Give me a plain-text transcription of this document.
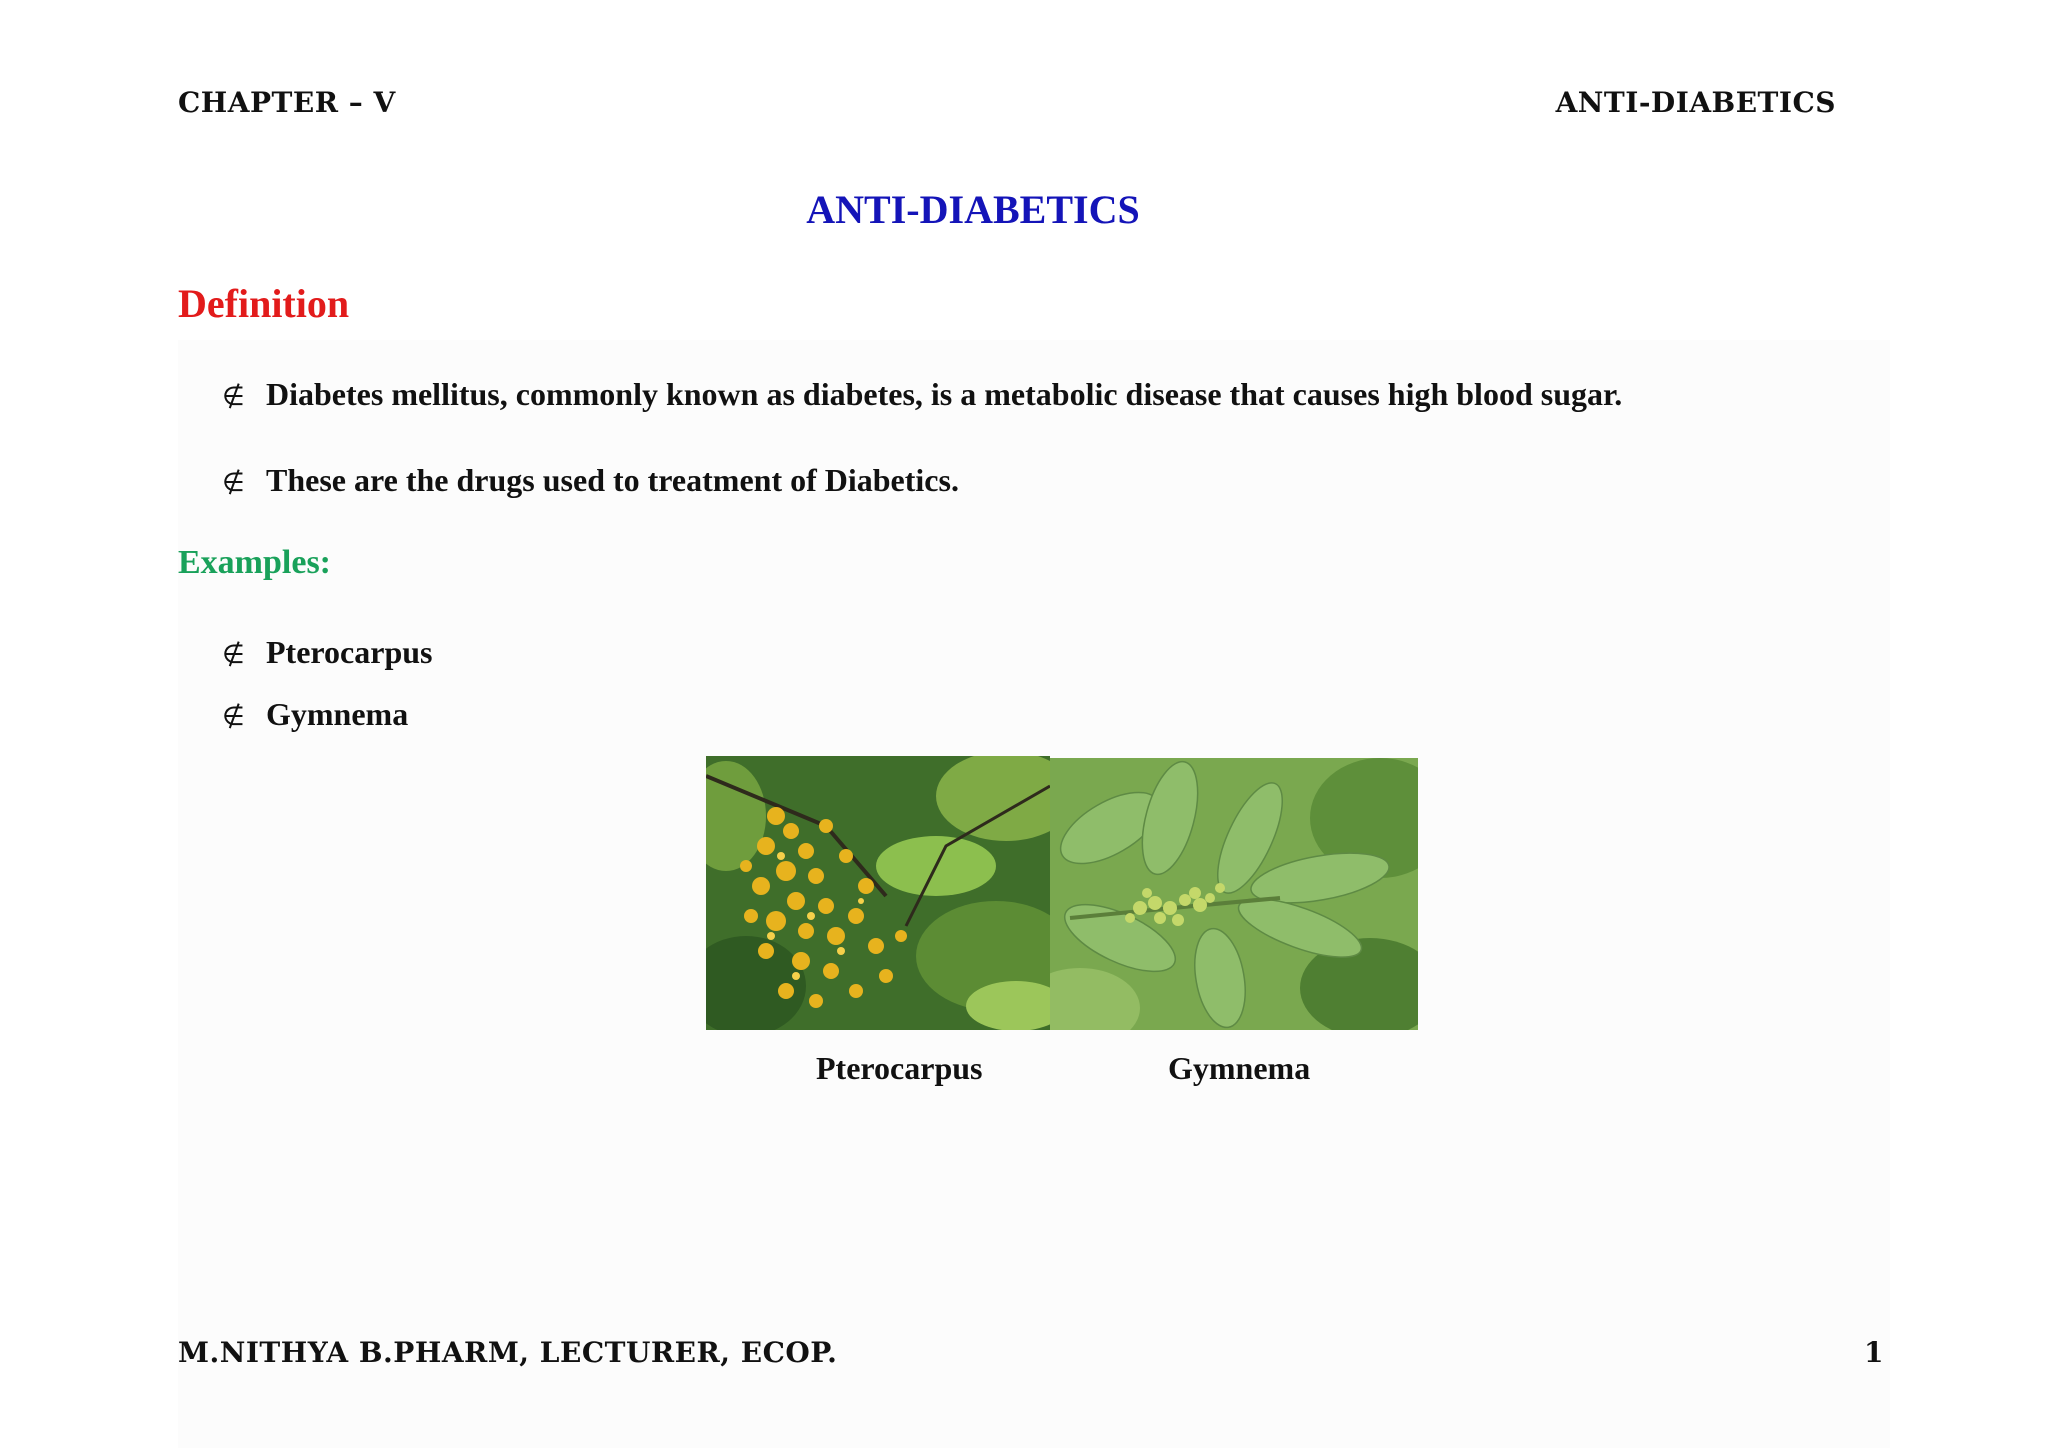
CHAPTER – V	ANTI-DIABETICS
ANTI-DIABETICS
Definition
∉ Diabetes mellitus, commonly known as diabetes, is a metabolic disease that causes high blood sugar.
∉ These are the drugs used to treatment of Diabetics.
Examples:
∉ Pterocarpus
∉ Gymnema
Pterocarpus	Gymnema
M.NITHYA B.PHARM, LECTURER, ECOP.	1
